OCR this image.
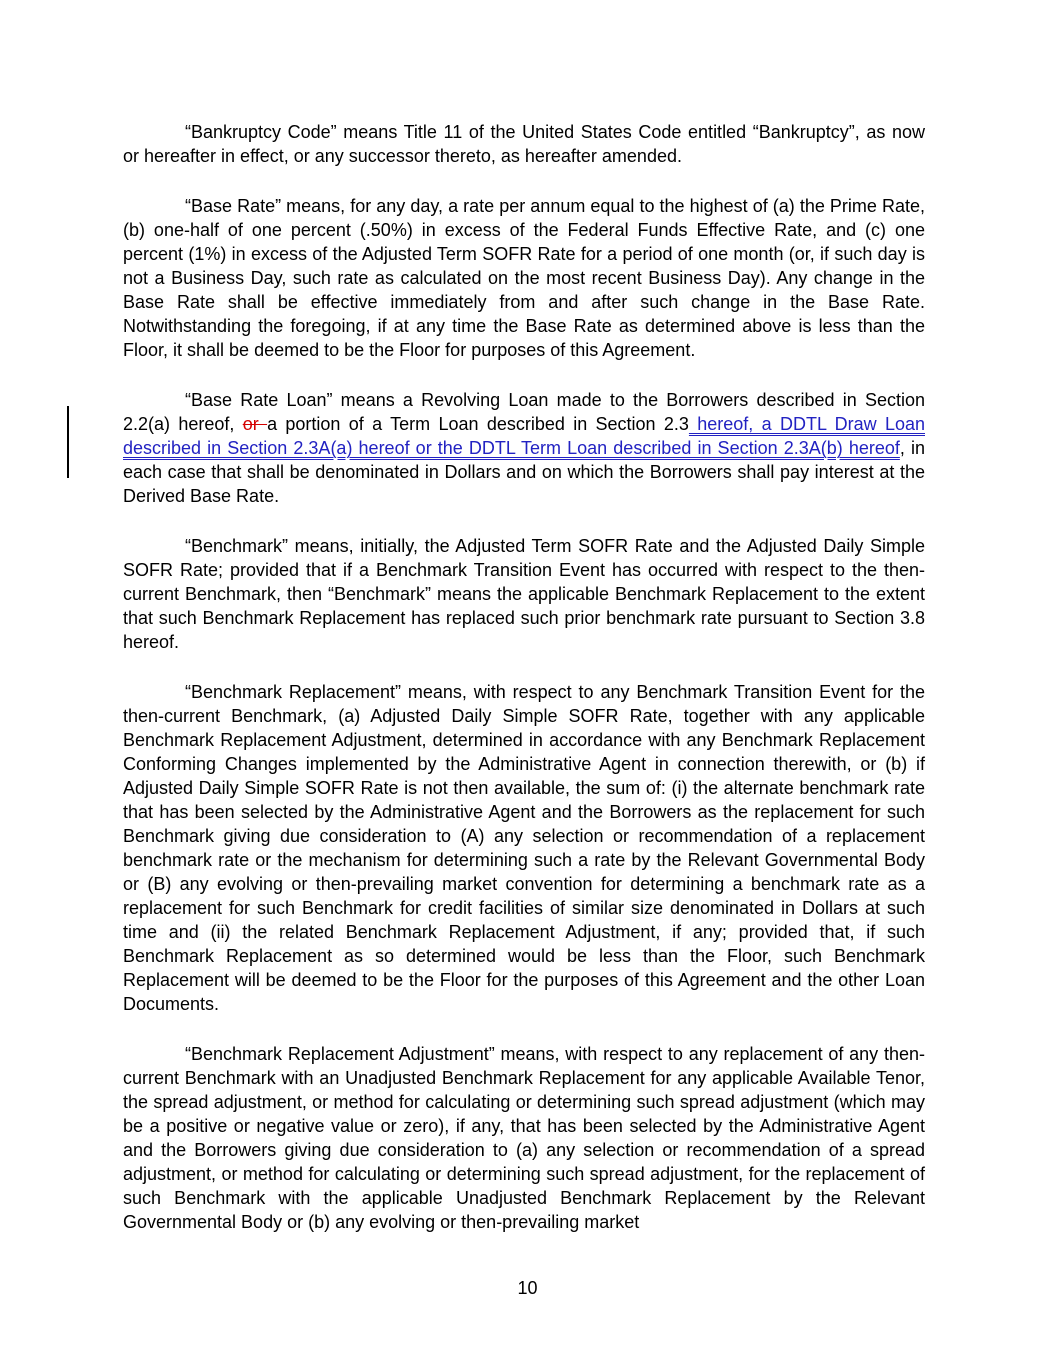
“Bankruptcy Code” means Title 11 of the United States Code entitled “Bankruptcy”, as now or hereafter in effect, or any successor thereto, as hereafter amended.

“Base Rate” means, for any day, a rate per annum equal to the highest of (a) the Prime Rate, (b) one-half of one percent (.50%) in excess of the Federal Funds Effective Rate, and (c) one percent (1%) in excess of the Adjusted Term SOFR Rate for a period of one month (or, if such day is not a Business Day, such rate as calculated on the most recent Business Day). Any change in the Base Rate shall be effective immediately from and after such change in the Base Rate. Notwithstanding the foregoing, if at any time the Base Rate as determined above is less than the Floor, it shall be deemed to be the Floor for purposes of this Agreement.

“Base Rate Loan” means a Revolving Loan made to the Borrowers described in Section 2.2(a) hereof, or a portion of a Term Loan described in Section 2.3 hereof, a DDTL Draw Loan described in Section 2.3A(a) hereof or the DDTL Term Loan described in Section 2.3A(b) hereof, in each case that shall be denominated in Dollars and on which the Borrowers shall pay interest at the Derived Base Rate.

“Benchmark” means, initially, the Adjusted Term SOFR Rate and the Adjusted Daily Simple SOFR Rate; provided that if a Benchmark Transition Event has occurred with respect to the then-current Benchmark, then “Benchmark” means the applicable Benchmark Replacement to the extent that such Benchmark Replacement has replaced such prior benchmark rate pursuant to Section 3.8 hereof.

“Benchmark Replacement” means, with respect to any Benchmark Transition Event for the then-current Benchmark, (a) Adjusted Daily Simple SOFR Rate, together with any applicable Benchmark Replacement Adjustment, determined in accordance with any Benchmark Replacement Conforming Changes implemented by the Administrative Agent in connection therewith, or (b) if Adjusted Daily Simple SOFR Rate is not then available, the sum of: (i) the alternate benchmark rate that has been selected by the Administrative Agent and the Borrowers as the replacement for such Benchmark giving due consideration to (A) any selection or recommendation of a replacement benchmark rate or the mechanism for determining such a rate by the Relevant Governmental Body or (B) any evolving or then-prevailing market convention for determining a benchmark rate as a replacement for such Benchmark for credit facilities of similar size denominated in Dollars at such time and (ii) the related Benchmark Replacement Adjustment, if any; provided that, if such Benchmark Replacement as so determined would be less than the Floor, such Benchmark Replacement will be deemed to be the Floor for the purposes of this Agreement and the other Loan Documents.

“Benchmark Replacement Adjustment” means, with respect to any replacement of any then-current Benchmark with an Unadjusted Benchmark Replacement for any applicable Available Tenor, the spread adjustment, or method for calculating or determining such spread adjustment (which may be a positive or negative value or zero), if any, that has been selected by the Administrative Agent and the Borrowers giving due consideration to (a) any selection or recommendation of a spread adjustment, or method for calculating or determining such spread adjustment, for the replacement of such Benchmark with the applicable Unadjusted Benchmark Replacement by the Relevant Governmental Body or (b) any evolving or then-prevailing market

10
